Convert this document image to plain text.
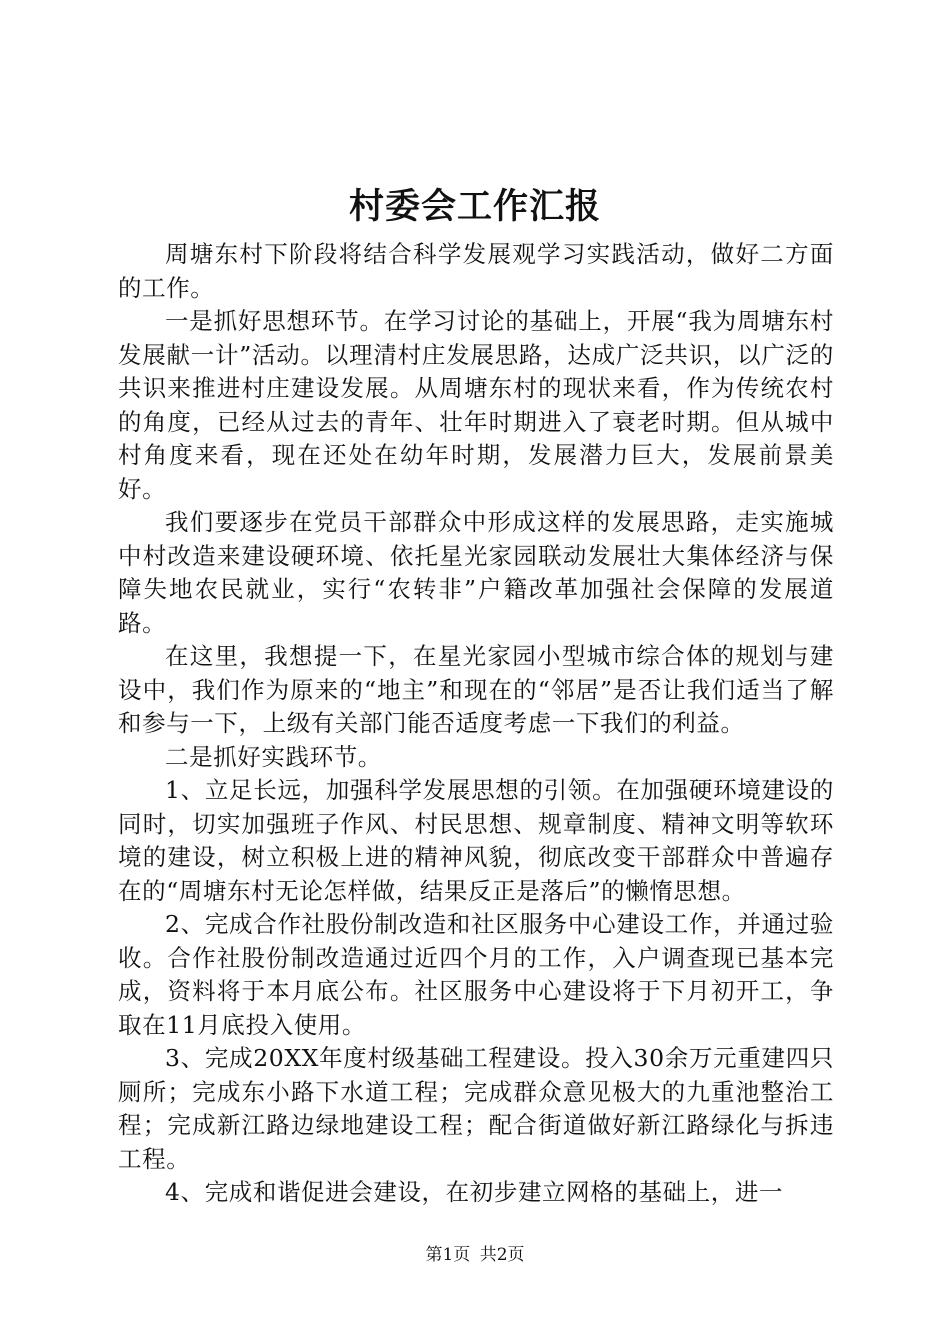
村委会工作汇报

周塘东村下阶段将结合科学发展观学习实践活动，做好二方面的工作。

一是抓好思想环节。在学习讨论的基础上，开展“我为周塘东村发展献一计”活动。以理清村庄发展思路，达成广泛共识，以广泛的共识来推进村庄建设发展。从周塘东村的现状来看，作为传统农村的角度，已经从过去的青年、壮年时期进入了衰老时期。但从城中村角度来看，现在还处在幼年时期，发展潜力巨大，发展前景美好。

我们要逐步在党员干部群众中形成这样的发展思路，走实施城中村改造来建设硬环境、依托星光家园联动发展壮大集体经济与保障失地农民就业，实行“农转非”户籍改革加强社会保障的发展道路。

在这里，我想提一下，在星光家园小型城市综合体的规划与建设中，我们作为原来的“地主”和现在的“邻居”是否让我们适当了解和参与一下，上级有关部门能否适度考虑一下我们的利益。

二是抓好实践环节。

1、立足长远，加强科学发展思想的引领。在加强硬环境建设的同时，切实加强班子作风、村民思想、规章制度、精神文明等软环境的建设，树立积极上进的精神风貌，彻底改变干部群众中普遍存在的“周塘东村无论怎样做，结果反正是落后”的懒惰思想。

2、完成合作社股份制改造和社区服务中心建设工作，并通过验收。合作社股份制改造通过近四个月的工作，入户调查现已基本完成，资料将于本月底公布。社区服务中心建设将于下月初开工，争取在11月底投入使用。

3、完成20XX年度村级基础工程建设。投入30余万元重建四只厕所；完成东小路下水道工程；完成群众意见极大的九重池整治工程；完成新江路边绿地建设工程；配合街道做好新江路绿化与拆违工程。

4、完成和谐促进会建设，在初步建立网格的基础上，进一

第1页 共2页
